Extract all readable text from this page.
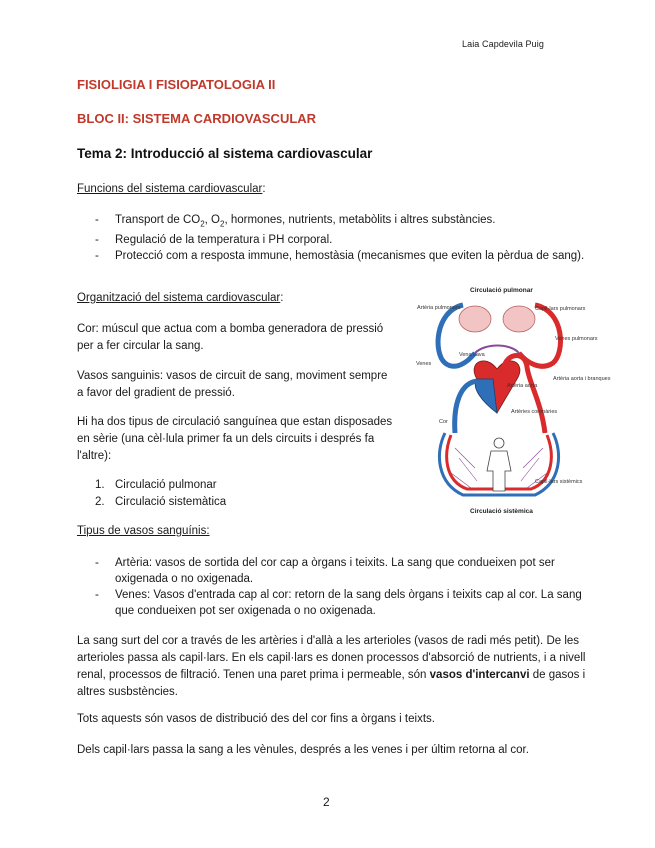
Laia Capdevila Puig
FISIOLIGIA I FISIOPATOLOGIA II
BLOC II: SISTEMA CARDIOVASCULAR
Tema 2: Introducció al sistema cardiovascular
Funcions del sistema cardiovascular:
- Transport de $CO_2$, $O_2$, hormones, nutrients, metabòlits i altres substàncies.
- Regulació de la temperatura i PH corporal.
- Protecció com a resposta immune, hemostàsia (mecanismes que eviten la pèrdua de sang).
Organització del sistema cardiovascular:
Cor: múscul que actua com a bomba generadora de pressió per a fer circular la sang.
Vasos sanguinis: vasos de circuit de sang, moviment sempre a favor del gradient de pressió.
Hi ha dos tipus de circulació sanguínea que estan disposades en sèrie (una cèl·lula primer fa un dels circuits i després fa l'altre):
1. Circulació pulmonar
2. Circulació sistemàtica
Circulació pulmonar
Artèria pulmonars	Capil·lars pulmonars
Venes pulmonars
Vena cava
Venes
Artèria aorta
Artèria aorta i branques
Cor
Artèries coronàries
Capil·lars sistèmics
Circulació sistèmica
Tipus de vasos sanguínis:
- Artèria: vasos de sortida del cor cap a òrgans i teixits. La sang que condueixen pot ser oxigenada o no oxigenada.
- Venes: Vasos d'entrada cap al cor: retorn de la sang dels òrgans i teixits cap al cor. La sang que condueixen pot ser oxigenada o no oxigenada.
La sang surt del cor a través de les artèries i d'allà a les arterioles (vasos de radi més petit). De les arterioles passa als capil·lars. En els capil·lars es donen processos d'absorció de nutrients, i a nivell renal, processos de filtració. Tenen una paret prima i permeable, són vasos d'intercanvi de gasos i altres susbstències.
Tots aquests són vasos de distribució des del cor fins a òrgans i teixts.
Dels capil·lars passa la sang a les vènules, després a les venes i per últim retorna al cor.
2
